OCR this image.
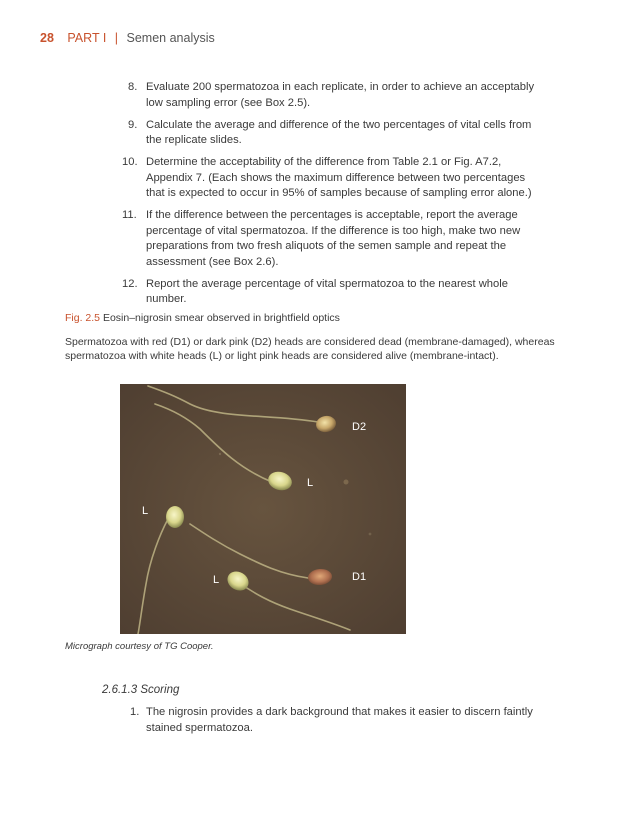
28 PART I | Semen analysis
8. Evaluate 200 spermatozoa in each replicate, in order to achieve an acceptably low sampling error (see Box 2.5).
9. Calculate the average and difference of the two percentages of vital cells from the replicate slides.
10. Determine the acceptability of the difference from Table 2.1 or Fig. A7.2, Appendix 7. (Each shows the maximum difference between two percentages that is expected to occur in 95% of samples because of sampling error alone.)
11. If the difference between the percentages is acceptable, report the average percentage of vital spermatozoa. If the difference is too high, make two new preparations from two fresh aliquots of the semen sample and repeat the assessment (see Box 2.6).
12. Report the average percentage of vital spermatozoa to the nearest whole number.
Fig. 2.5 Eosin–nigrosin smear observed in brightfield optics
Spermatozoa with red (D1) or dark pink (D2) heads are considered dead (membrane-damaged), whereas spermatozoa with white heads (L) or light pink heads are considered alive (membrane-intact).
D2
L
L
L	D1
Micrograph courtesy of TG Cooper.
2.6.1.3 Scoring
1. The nigrosin provides a dark background that makes it easier to discern faintly stained spermatozoa.
